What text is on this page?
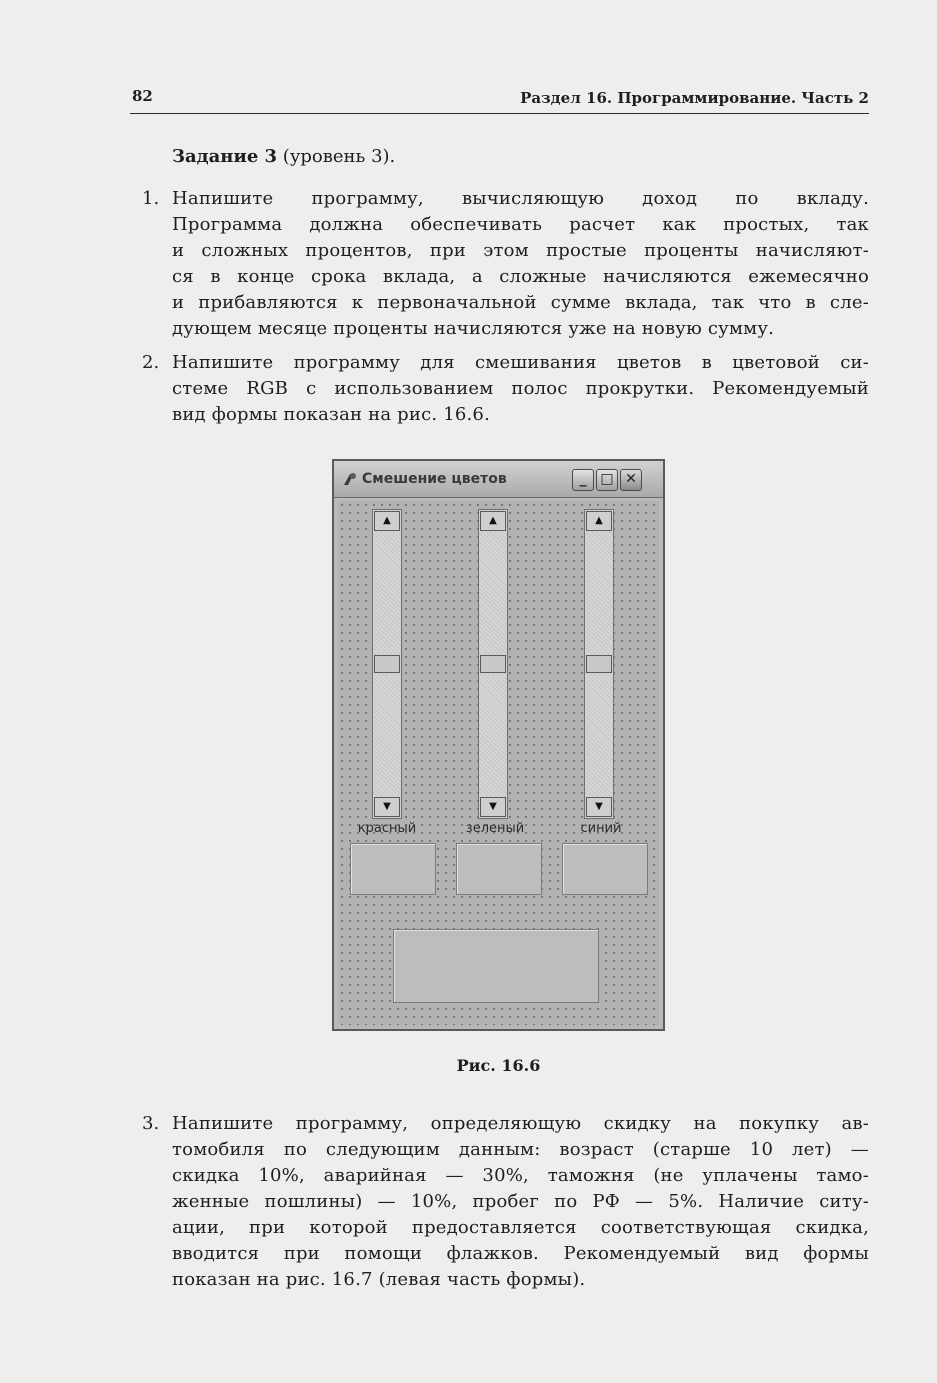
82	Раздел 16. Программирование. Часть 2
Задание 3 (уровень 3).
1. Напишите программу, вычисляющую доход по вкладу.
Программа должна обеспечивать расчет как простых, так
и сложных процентов, при этом простые проценты начисляют-
ся в конце срока вклада, а сложные начисляются ежемесячно
и прибавляются к первоначальной сумме вклада, так что в сле-
дующем месяце проценты начисляются уже на новую сумму.
2. Напишите программу для смешивания цветов в цветовой си-
стеме RGB с использованием полос прокрутки. Рекомендуемый
вид формы показан на рис. 16.6.
Смешение цветов	_ □ ✕
▲
▼
▲
▼
▲
▼
красный	зеленый	синий
Рис. 16.6
3. Напишите программу, определяющую скидку на покупку ав-
томобиля по следующим данным: возраст (старше 10 лет) —
скидка 10%, аварийная — 30%, таможня (не уплачены тамо-
женные пошлины) — 10%, пробег по РФ — 5%. Наличие ситу-
ации, при которой предоставляется соответствующая скидка,
вводится при помощи флажков. Рекомендуемый вид формы
показан на рис. 16.7 (левая часть формы).
